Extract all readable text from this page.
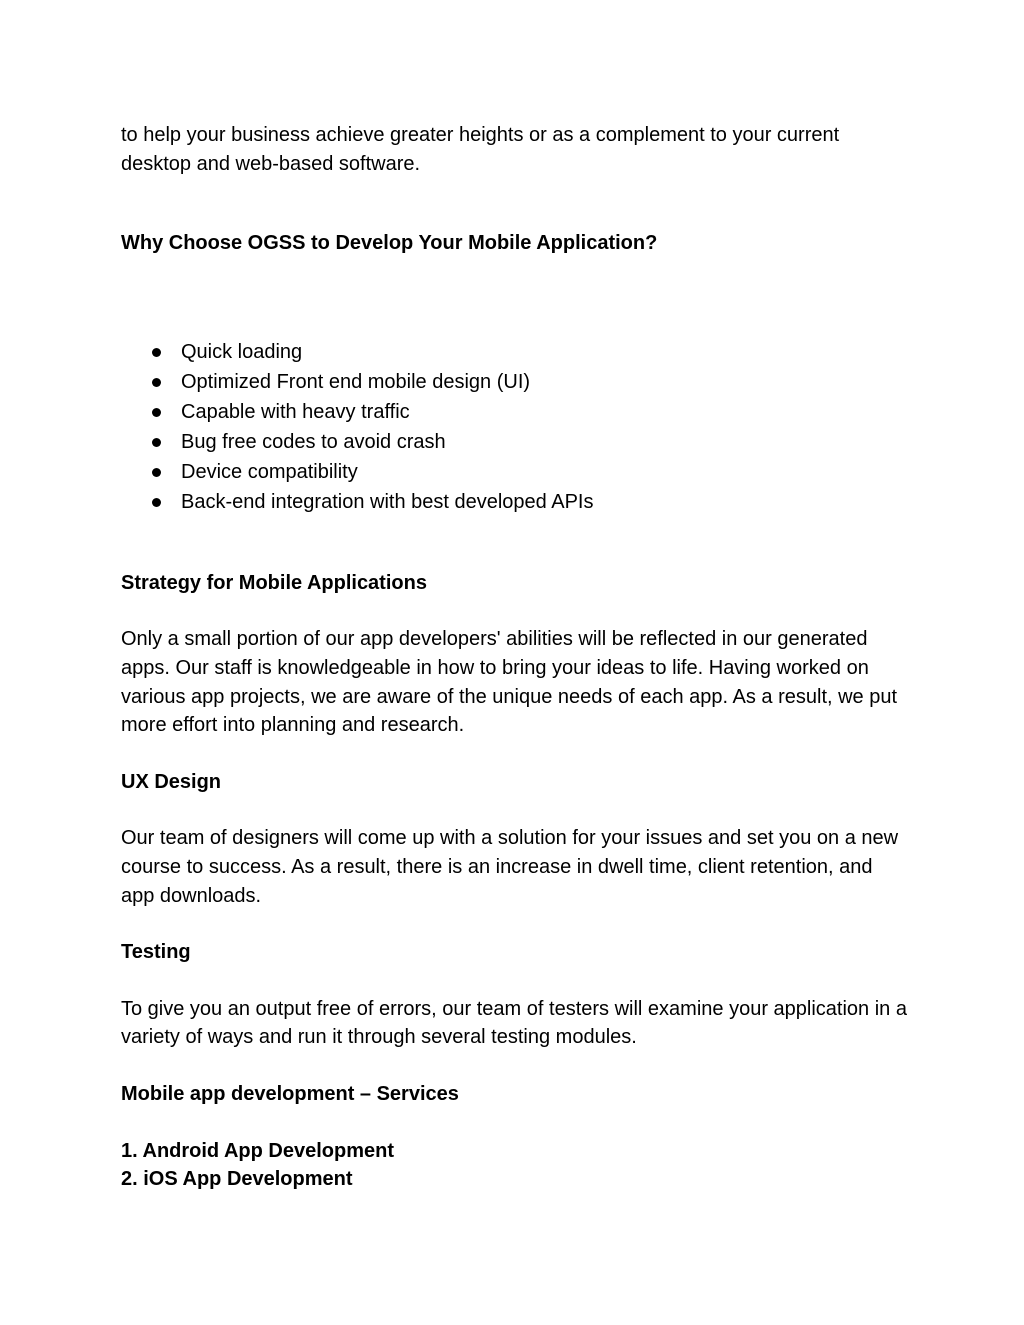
to help your business achieve greater heights or as a complement to your current desktop and web-based software.

Why Choose OGSS to Develop Your Mobile Application?

Quick loading
Optimized Front end mobile design (UI)
Capable with heavy traffic
Bug free codes to avoid crash
Device compatibility
Back-end integration with best developed APIs

Strategy for Mobile Applications

Only a small portion of our app developers' abilities will be reflected in our generated apps. Our staff is knowledgeable in how to bring your ideas to life. Having worked on various app projects, we are aware of the unique needs of each app. As a result, we put more effort into planning and research.

UX Design

Our team of designers will come up with a solution for your issues and set you on a new course to success. As a result, there is an increase in dwell time, client retention, and app downloads.

Testing

To give you an output free of errors, our team of testers will examine your application in a variety of ways and run it through several testing modules.

Mobile app development – Services

1. Android App Development
2. iOS App Development
